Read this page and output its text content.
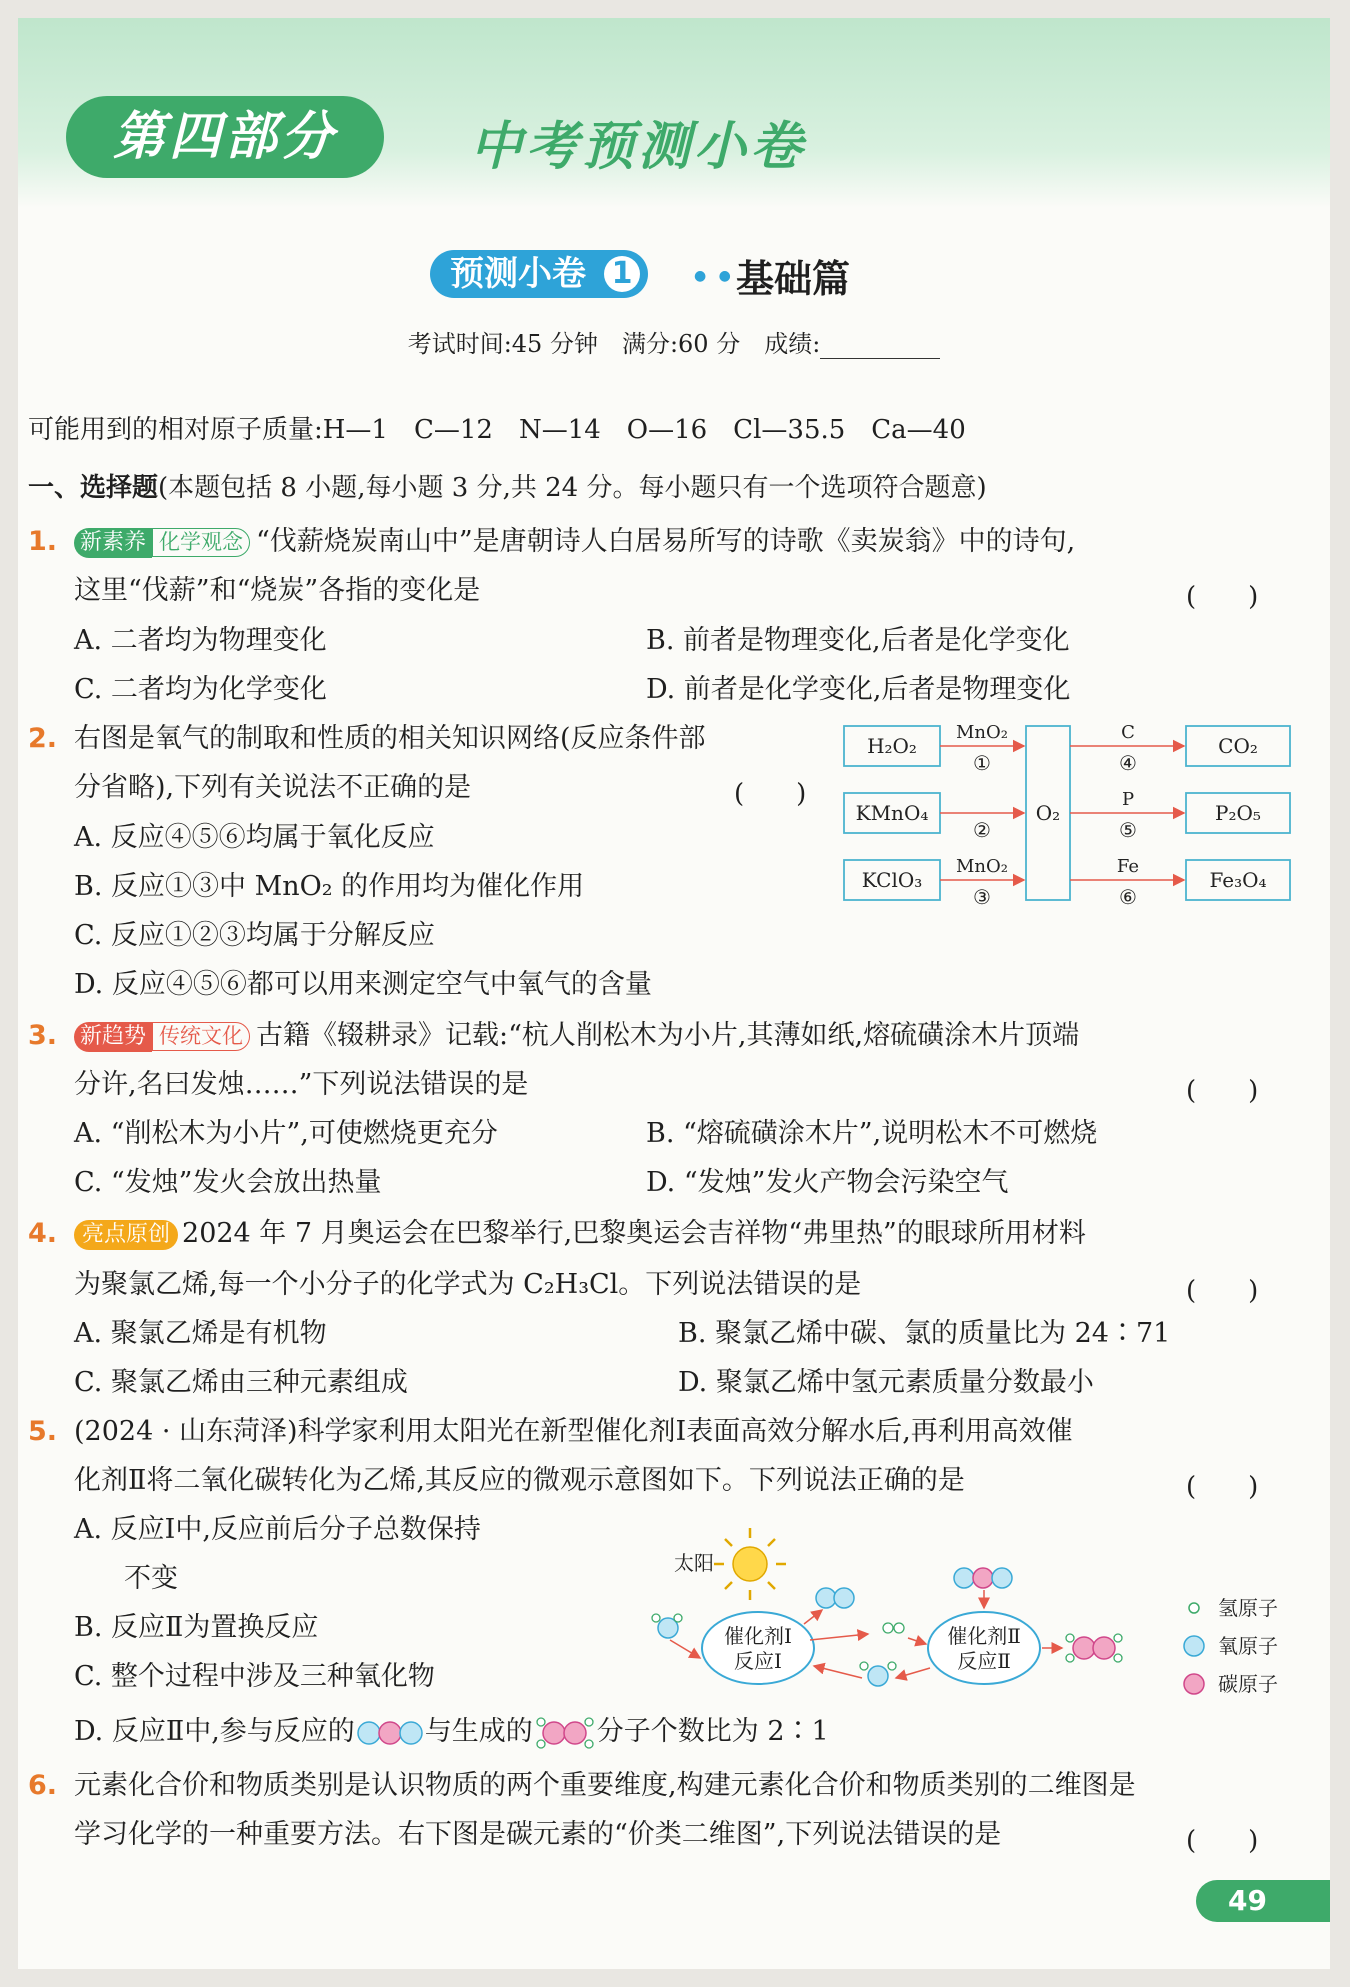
第四部分	中考预测小卷
预测小卷 1	● ● 基础篇
考试时间:45 分钟　满分:60 分　成绩:
可能用到的相对原子质量:H—1　C—12　N—14　O—16　Cl—35.5　Ca—40
一、选择题(本题包括 8 小题,每小题 3 分,共 24 分。每小题只有一个选项符合题意)
1. 新素养 化学观念 “伐薪烧炭南山中”是唐朝诗人白居易所写的诗歌《卖炭翁》中的诗句,
这里“伐薪”和“烧炭”各指的变化是	(　　)
A. 二者均为物理变化	B. 前者是物理变化,后者是化学变化
C. 二者均为化学变化	D. 前者是化学变化,后者是物理变化
2. 右图是氧气的制取和性质的相关知识网络(反应条件部
分省略),下列有关说法不正确的是	(　　)
A. 反应④⑤⑥均属于氧化反应
B. 反应①③中 MnO₂ 的作用均为催化作用
C. 反应①②③均属于分解反应
D. 反应④⑤⑥都可以用来测定空气中氧气的含量
H₂O₂
KMnO₄
KClO₃
O₂
CO₂
P₂O₅
Fe₃O₄
MnO₂
①
②
MnO₂
③
C
④
P
⑤
Fe
⑥
3. 新趋势 传统文化 古籍《辍耕录》记载:“杭人削松木为小片,其薄如纸,熔硫磺涂木片顶端
分许,名曰发烛……”下列说法错误的是	(　　)
A. “削松木为小片”,可使燃烧更充分	B. “熔硫磺涂木片”,说明松木不可燃烧
C. “发烛”发火会放出热量	D. “发烛”发火产物会污染空气
4.	亮点原创 2024 年 7 月奥运会在巴黎举行,巴黎奥运会吉祥物“弗里热”的眼球所用材料
为聚氯乙烯,每一个小分子的化学式为 C₂H₃Cl。下列说法错误的是	(　　)
A. 聚氯乙烯是有机物	B. 聚氯乙烯中碳、氯的质量比为 24∶71
C. 聚氯乙烯由三种元素组成	D. 聚氯乙烯中氢元素质量分数最小
5. (2024 · 山东菏泽)科学家利用太阳光在新型催化剂Ⅰ表面高效分解水后,再利用高效催
化剂Ⅱ将二氧化碳转化为乙烯,其反应的微观示意图如下。下列说法正确的是	(　　)
A. 反应Ⅰ中,反应前后分子总数保持
不变
B. 反应Ⅱ为置换反应
C. 整个过程中涉及三种氧化物
D. 反应Ⅱ中,参与反应的	与生成的 分子个数比为 2∶1
太阳
催化剂Ⅰ
反应Ⅰ
催化剂Ⅱ
反应Ⅱ
氢原子
氧原子
碳原子
6. 元素化合价和物质类别是认识物质的两个重要维度,构建元素化合价和物质类别的二维图是
学习化学的一种重要方法。右下图是碳元素的“价类二维图”,下列说法错误的是	(　　)
49
